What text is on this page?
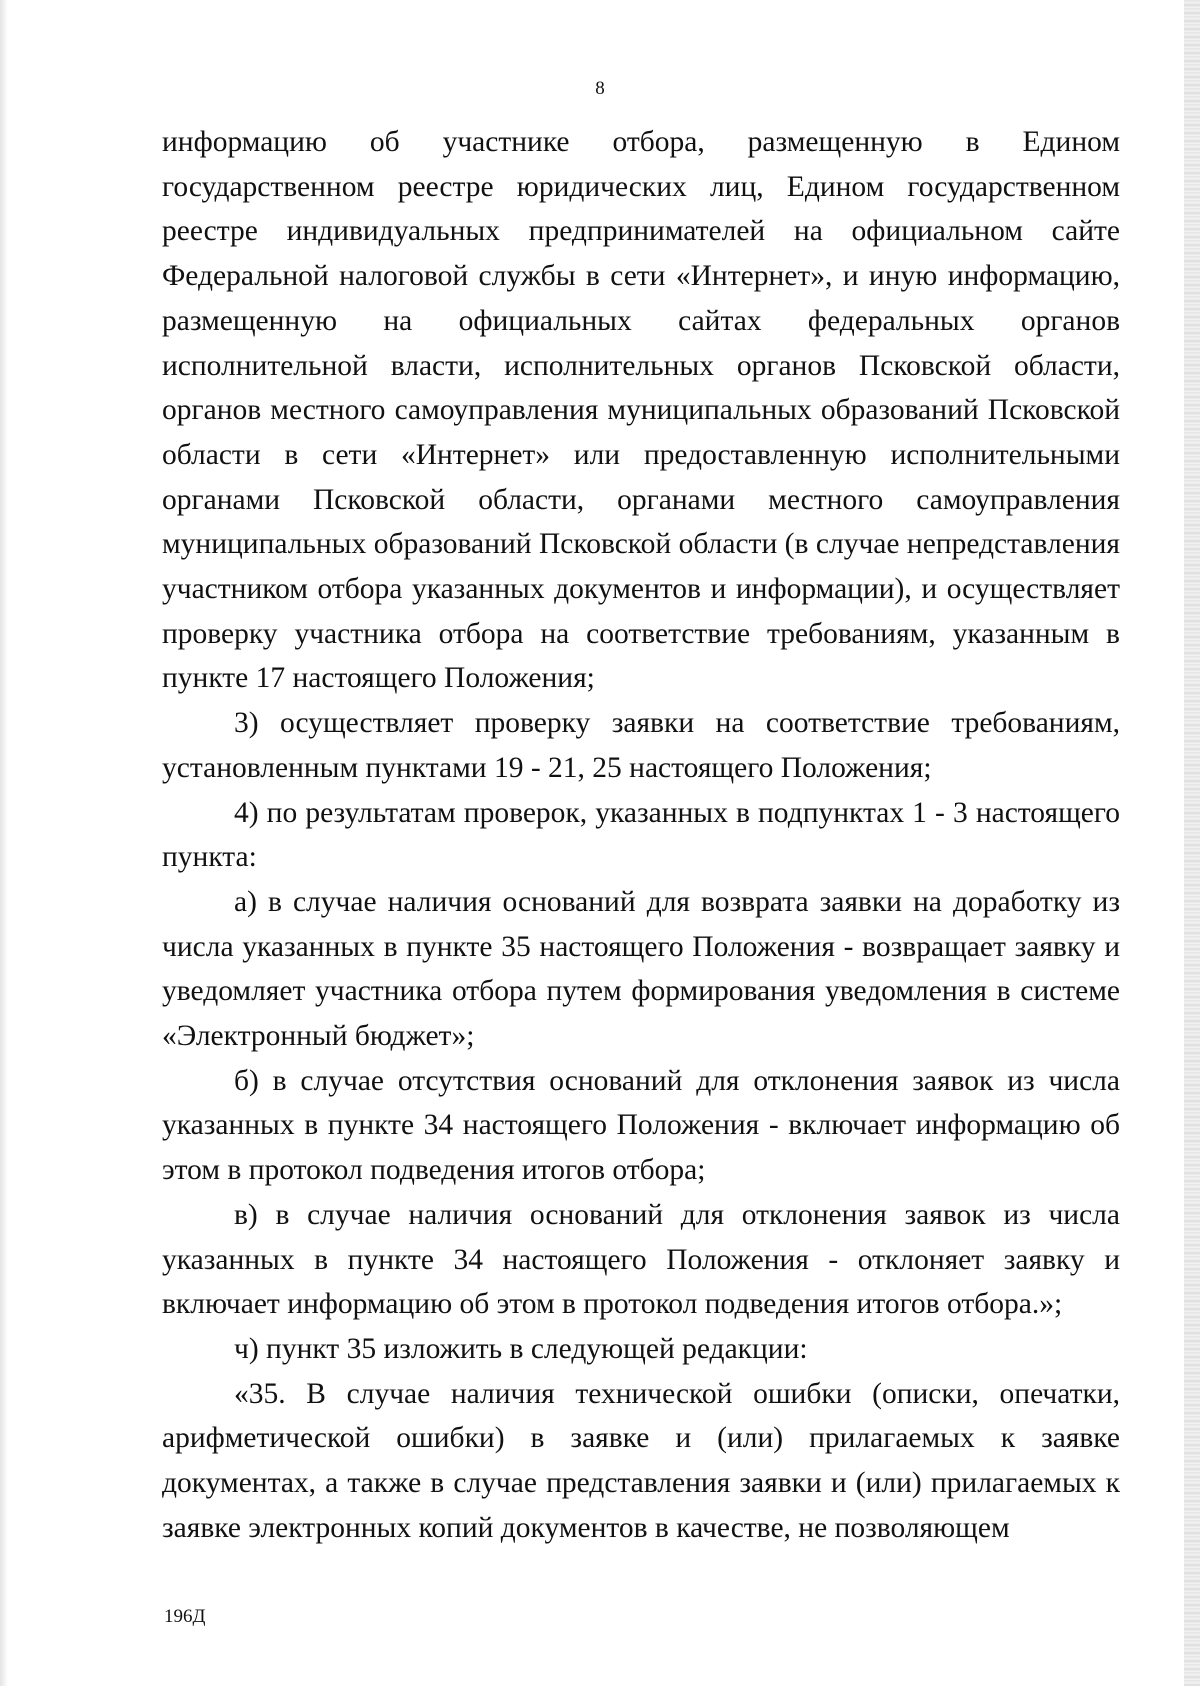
8

информацию об участнике отбора, размещенную в Едином государственном реестре юридических лиц, Едином государственном реестре индивидуальных предпринимателей на официальном сайте Федеральной налоговой службы в сети «Интернет», и иную информацию, размещенную на официальных сайтах федеральных органов исполнительной власти, исполнительных органов Псковской области, органов местного самоуправления муниципальных образований Псковской области в сети «Интернет» или предоставленную исполнительными органами Псковской области, органами местного самоуправления муниципальных образований Псковской области (в случае непредставления участником отбора указанных документов и информации), и осуществляет проверку участника отбора на соответствие требованиям, указанным в пункте 17 настоящего Положения;

3) осуществляет проверку заявки на соответствие требованиям, установленным пунктами 19 - 21, 25 настоящего Положения;

4) по результатам проверок, указанных в подпунктах 1 - 3 настоящего пункта:

а) в случае наличия оснований для возврата заявки на доработку из числа указанных в пункте 35 настоящего Положения - возвращает заявку и уведомляет участника отбора путем формирования уведомления в системе «Электронный бюджет»;

б) в случае отсутствия оснований для отклонения заявок из числа указанных в пункте 34 настоящего Положения - включает информацию об этом в протокол подведения итогов отбора;

в) в случае наличия оснований для отклонения заявок из числа указанных в пункте 34 настоящего Положения - отклоняет заявку и включает информацию об этом в протокол подведения итогов отбора.»;

ч) пункт 35 изложить в следующей редакции:

«35. В случае наличия технической ошибки (описки, опечатки, арифметической ошибки) в заявке и (или) прилагаемых к заявке документах, а также в случае представления заявки и (или) прилагаемых к заявке электронных копий документов в качестве, не позволяющем

196Д
